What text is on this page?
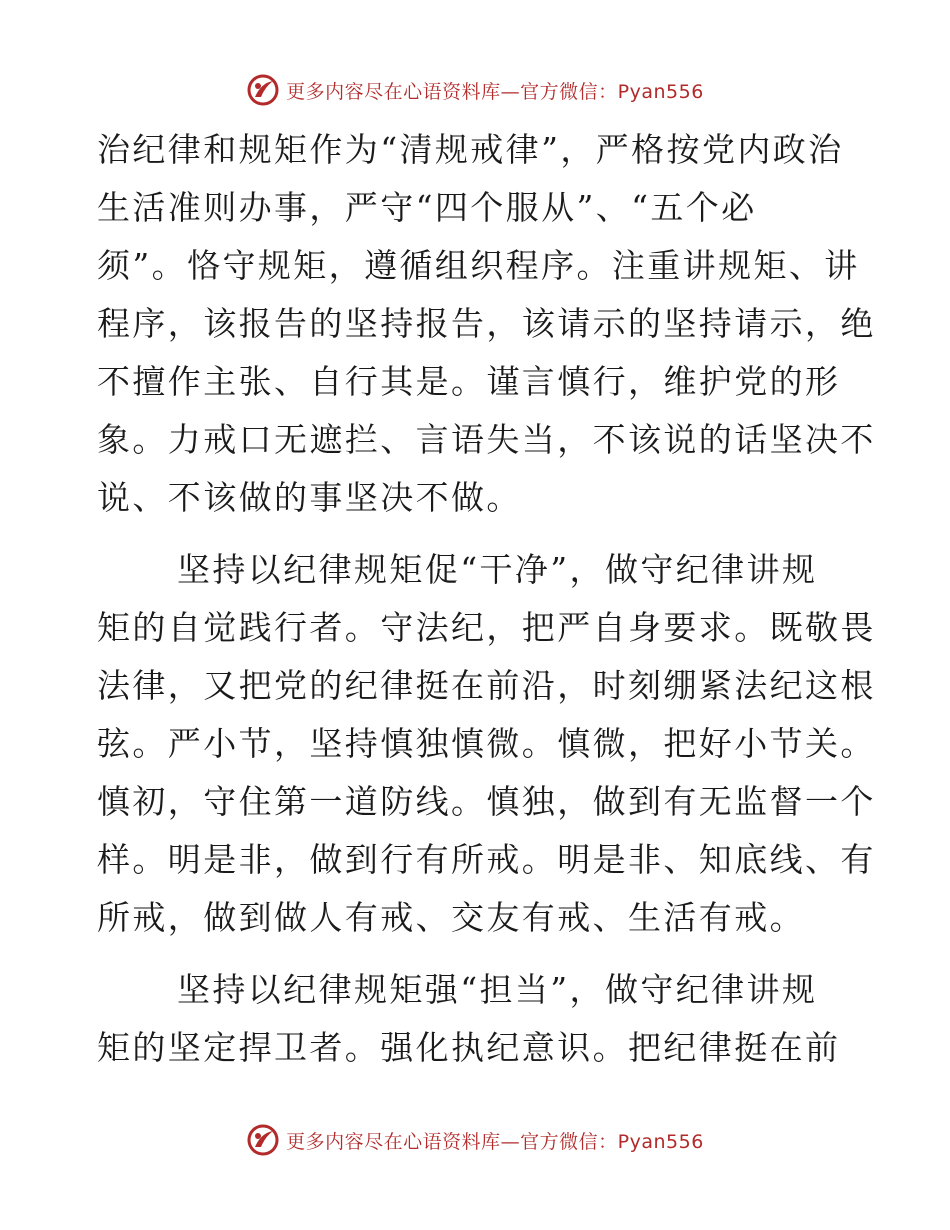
更多内容尽在心语资料库—官方微信：Pyan556
治纪律和规矩作为“清规戒律”，严格按党内政治
生活准则办事，严守“四个服从”、“五个必
须”。恪守规矩，遵循组织程序。注重讲规矩、讲
程序，该报告的坚持报告，该请示的坚持请示，绝
不擅作主张、自行其是。谨言慎行，维护党的形
象。力戒口无遮拦、言语失当，不该说的话坚决不
说、不该做的事坚决不做。
坚持以纪律规矩促“干净”，做守纪律讲规
矩的自觉践行者。守法纪，把严自身要求。既敬畏
法律，又把党的纪律挺在前沿，时刻绷紧法纪这根
弦。严小节，坚持慎独慎微。慎微，把好小节关。
慎初，守住第一道防线。慎独，做到有无监督一个
样。明是非，做到行有所戒。明是非、知底线、有
所戒，做到做人有戒、交友有戒、生活有戒。
坚持以纪律规矩强“担当”，做守纪律讲规
矩的坚定捍卫者。强化执纪意识。把纪律挺在前
更多内容尽在心语资料库—官方微信：Pyan556
